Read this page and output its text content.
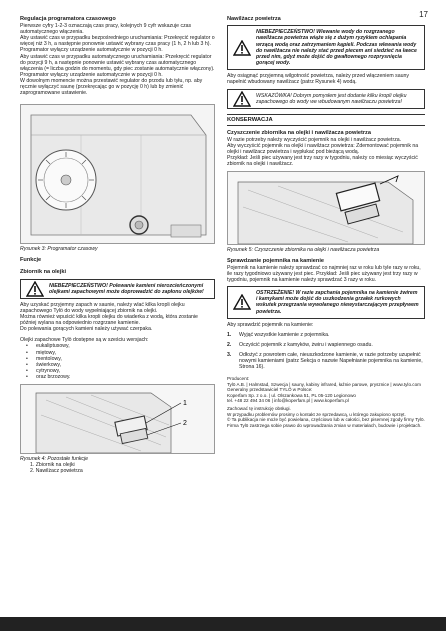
17
Regulacja programatora czasowego
Pierwsze cyfry 1-2-3 oznaczają czas pracy, kolejnych 9 cyfr wskazuje czas automatycznego włączenia.
Aby ustawić czas w przypadku bezpośredniego uruchamiania: Przekręcić regulator o więcej niż 3 h, a następnie ponownie ustawić wybrany czas pracy (1 h, 2 h lub 3 h). Programator wyłączy urządzenie automatycznie w pozycji 0 h.
Aby ustawić czas w przypadku automatycznego uruchamiania: Przekręcić regulator do pozycji 9 h, a następnie ponownie ustawić wybrany czas automatycznego włączenia (= liczba godzin do momentu, gdy piec zostanie automatycznie włączony). Programator wyłączy urządzenie automatycznie w pozycji 0 h.
W dowolnym momencie można przestawić regulator do przodu lub tyłu, np. aby ręcznie wyłączyć saunę (przekręcając go w pozycję 0 h) lub by zmienić zaprogramowane ustawienie.
Rysunek 3: Programator czasowy
Funkcje
Zbiornik na olejki
NIEBEZPIECZEŃSTWO! Polewanie kamieni nierozcieńczonymi olejkami zapachowymi może doprowadzić do zapłonu olejków!
Aby uzyskać przyjemny zapach w saunie, należy wlać kilka kropli olejku zapachowego Tylö do wody wypełniającej zbiornik na olejki.
Można również wpuścić kilka kropli olejku do wiaderka z wodą, która zostanie później wylana na odpowiednio rozgrzane kamienie.
Do polewania gorących kamieni należy używać czerpaka.
Olejki zapachowe Tylö dostępne są w sześciu wersjach:
• eukaliptusowy,
• miętowy,
• mentolowy,
• świerkowy,
• cytrynowy,
• oraz brzozowy.
1
2
Rysunek 4: Pozostałe funkcje
1. Zbiornik na olejki
2. Nawilżacz powietrza
Nawilżacz powietrza
NIEBEZPIECZEŃSTWO! Wlewanie wody do rozgrzanego nawilżacza powietrza wiąże się z dużym ryzykiem ochlapania wrzącą wodą oraz zatrzymaniem kąpieli. Podczas wlewania wody do nawilżacza nie należy stać przed piecem ani siedzieć na ławce przed nim, gdyż może dojść do gwałtownego rozprysnięcia gorącej wody.
Aby osiągnąć przyjemną wilgotność powietrza, należy przed włączeniem sauny napełnić wbudowany nawilżacz (patrz Rysunek 4) wodą.
WSKAZÓWKA! Dobrym pomysłem jest dodanie kilku kropli olejku zapachowego do wody we wbudowanym nawilżaczu powietrza!
KONSERWACJA
Czyszczenie zbiornika na olejki i nawilżacza powietrza
W razie potrzeby należy wyczyścić pojemnik na olejki i nawilżacz powietrza.
Aby wyczyścić pojemnik na olejki i nawilżacz powietrza: Zdemontować pojemnik na olejki i nawilżacz powietrza i wypłukać pod bieżącą wodą.
Przykład: Jeśli piec używany jest trzy razy w tygodniu, należy co miesiąc wyczyścić zbiornik na olejki i nawilżacz.
Rysunek 5: Czyszczenie zbiornika na olejki i nawilżacza powietrza
Sprawdzanie pojemnika na kamienie
Pojemnik na kamienie należy sprawdzać co najmniej raz w roku lub tyle razy w roku, ile razy tygodniowo używany jest piec. Przykład: Jeśli piec używany jest trzy razy w tygodniu, pojemnik na kamienie należy sprawdzać 3 razy w roku.
OSTRZEŻENIE! W razie zapchania pojemnika na kamienie żwirem i kamykami może dojść do uszkodzenia grzałek rurkowych wskutek przegrzania wywołanego niewystarczającym przepływem powietrza.
Aby sprawdzić pojemnik na kamienie:
1. Wyjąć wszystkie kamienie z pojemnika.
2. Oczyścić pojemnik z kamyków, żwiru i wapiennego osadu.
3. Odłożyć z powrotem całe, nieuszkodzone kamienie, w razie potrzeby uzupełnić nowymi kamieniami (patrz Sekcja o nazwie Napełnianie pojemnika na kamienie, Strona 16).
Producent:
Tylö A.B. | Halmstad, Szwecja | sauny, kabiny infrared, łaźnie parowe, prysznice | www.tylo.com
Generalny przedstawiciel TYLÖ w Polsce:
Koperfam Sp. z o.o. | ul. Olszankowa 51, PL 05-120 Legionowo
tel. +48 22 494 34 06 | info@koperfam.pl | www.koperfam.pl
Zachować tę instrukcję obsługi.
W przypadku problemów prosimy o kontakt ze sprzedawcą, u którego zakupiono sprzęt.
© Ta publikacja nie może być powielana, częściowo lub w całości, bez pisemnej zgody firmy Tylö. Firma Tylö zastrzega sobie prawo do wprowadzania zmian w materiałach, budowie i projektach.
